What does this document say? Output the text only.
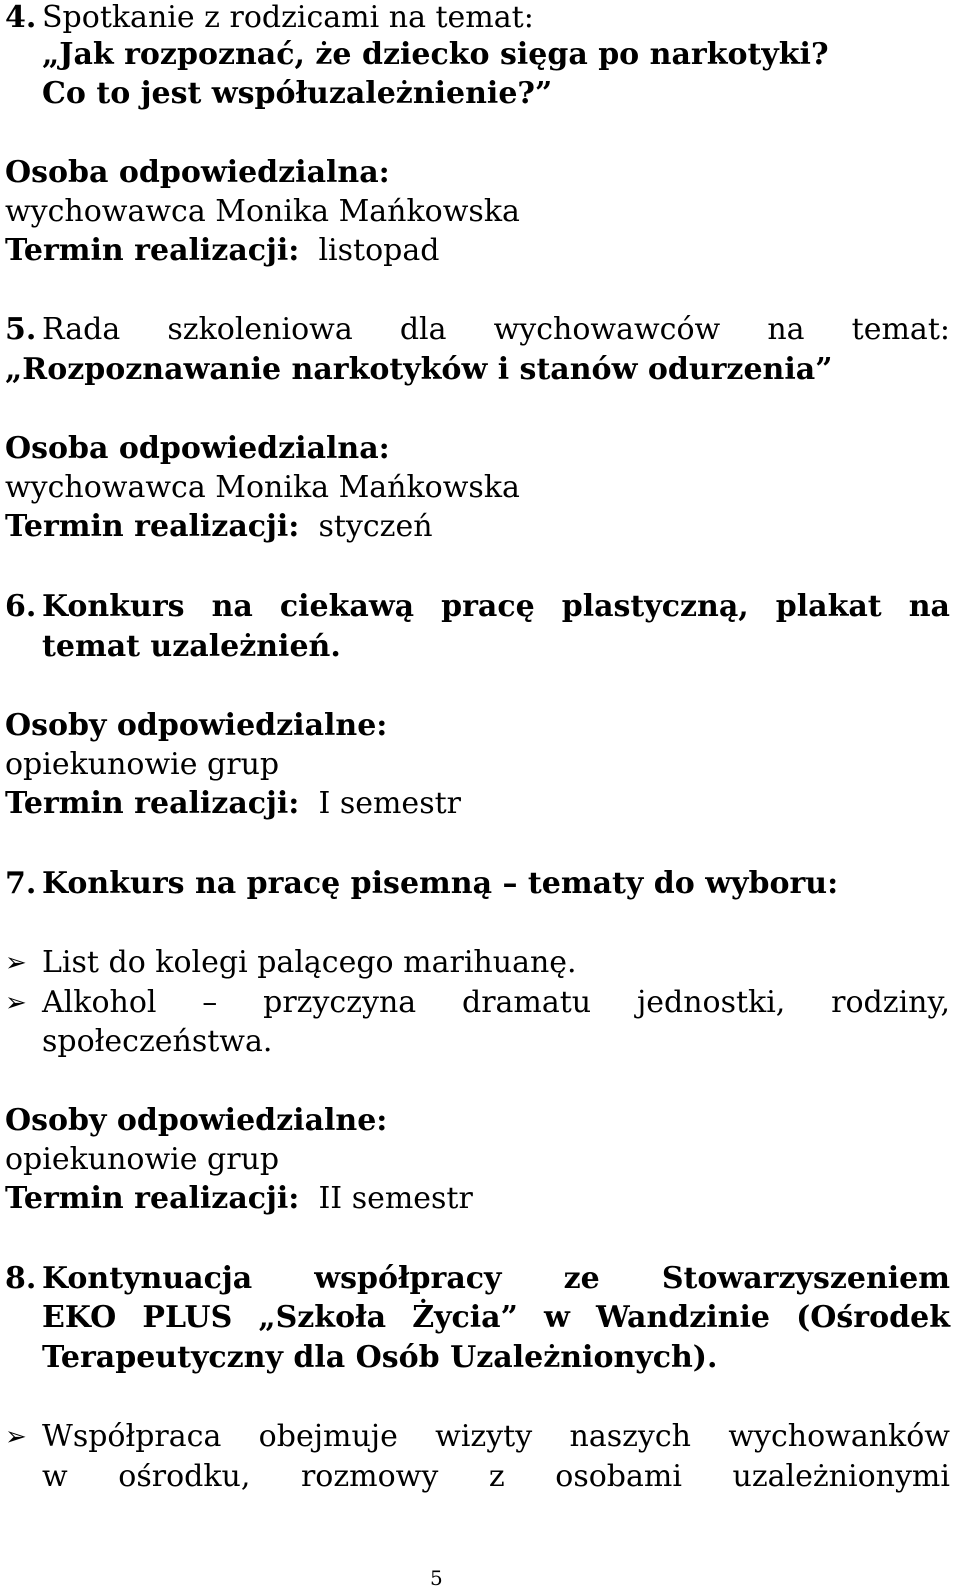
4. Spotkanie z rodzicami na temat:
„Jak rozpoznać, że dziecko sięga po narkotyki?
Co to jest współuzależnienie?”
Osoba odpowiedzialna:
wychowawca Monika Mańkowska
Termin realizacji: listopad
5. Rada szkoleniowa dla wychowawców na temat:
„Rozpoznawanie narkotyków i stanów odurzenia”
Osoba odpowiedzialna:
wychowawca Monika Mańkowska
Termin realizacji: styczeń
6. Konkurs na ciekawą pracę plastyczną, plakat na
temat uzależnień.
Osoby odpowiedzialne:
opiekunowie grup
Termin realizacji: I semestr
7. Konkurs na pracę pisemną – tematy do wyboru:
➢ List do kolegi palącego marihuanę.
➢ Alkohol – przyczyna dramatu jednostki, rodziny,
społeczeństwa.
Osoby odpowiedzialne:
opiekunowie grup
Termin realizacji: II semestr
8. Kontynuacja współpracy ze Stowarzyszeniem
EKO PLUS „Szkoła Życia” w Wandzinie (Ośrodek
Terapeutyczny dla Osób Uzależnionych).
➢ Współpraca obejmuje wizyty naszych wychowanków
w ośrodku, rozmowy z osobami uzależnionymi
5
